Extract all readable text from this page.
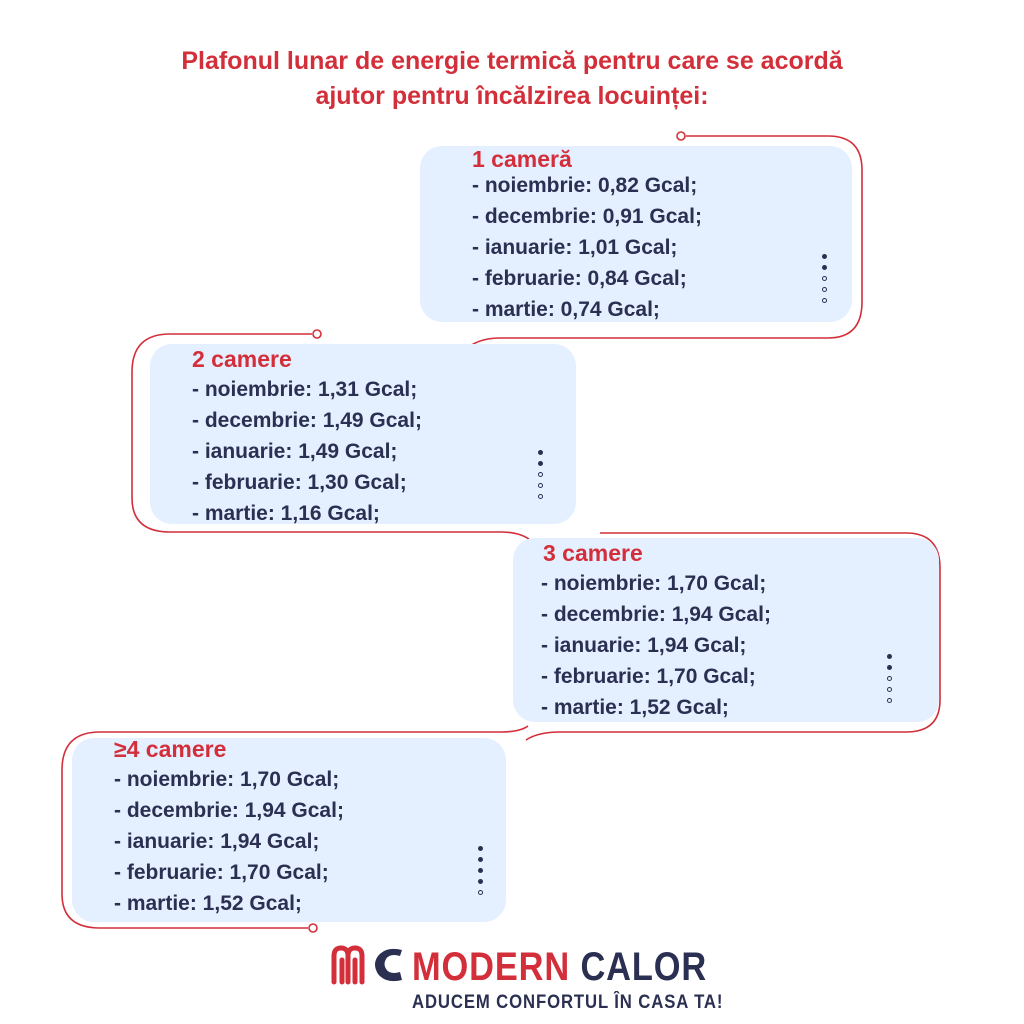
Plafonul lunar de energie termică pentru care se acordă
ajutor pentru încălzirea locuinței:
1 cameră
- noiembrie: 0,82 Gcal;
- decembrie: 0,91 Gcal;
- ianuarie: 1,01 Gcal;
- februarie: 0,84 Gcal;
- martie: 0,74 Gcal;
2 camere
- noiembrie: 1,31 Gcal;
- decembrie: 1,49 Gcal;
- ianuarie: 1,49 Gcal;
- februarie: 1,30 Gcal;
- martie: 1,16 Gcal;
3 camere
- noiembrie: 1,70 Gcal;
- decembrie: 1,94 Gcal;
- ianuarie: 1,94 Gcal;
- februarie: 1,70 Gcal;
- martie: 1,52 Gcal;
≥4 camere
- noiembrie: 1,70 Gcal;
- decembrie: 1,94 Gcal;
- ianuarie: 1,94 Gcal;
- februarie: 1,70 Gcal;
- martie: 1,52 Gcal;
MODERN CALOR
ADUCEM CONFORTUL ÎN CASA TA!
